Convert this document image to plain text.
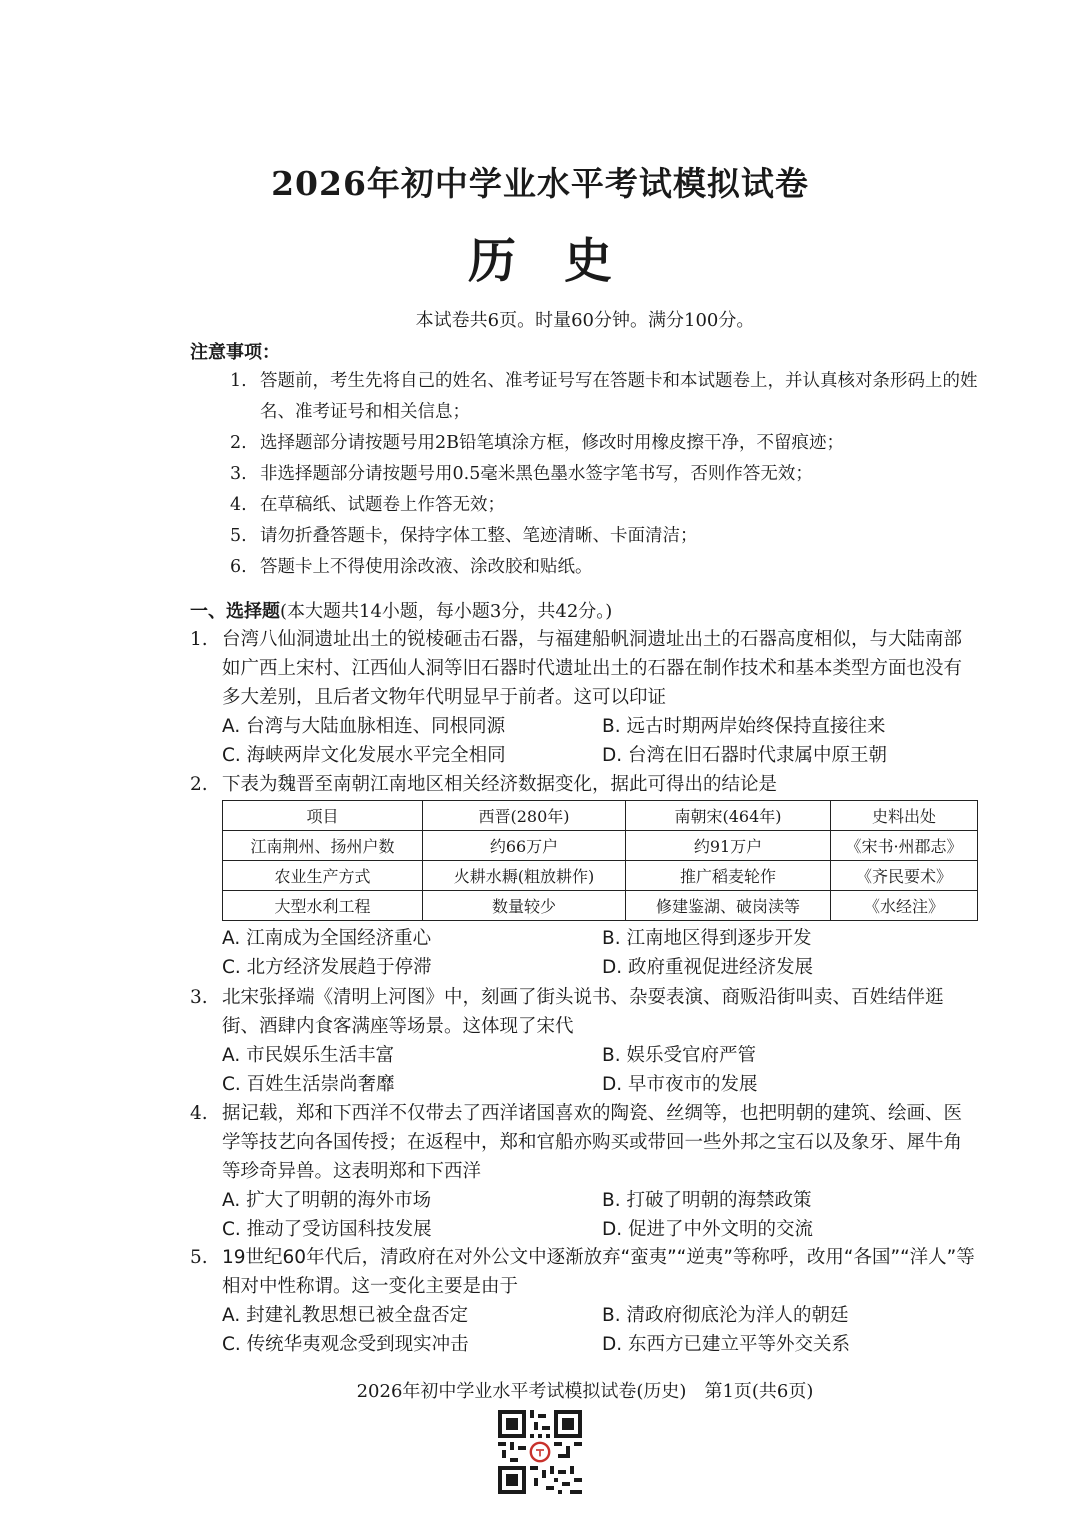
2026年初中学业水平考试模拟试卷
历史
本试卷共6页。时量60分钟。满分100分。
注意事项：
1. 答题前，考生先将自己的姓名、准考证号写在答题卡和本试题卷上，并认真核对条形码上的姓名、准考证号和相关信息；
2. 选择题部分请按题号用2B铅笔填涂方框，修改时用橡皮擦干净，不留痕迹；
3. 非选择题部分请按题号用0.5毫米黑色墨水签字笔书写，否则作答无效；
4. 在草稿纸、试题卷上作答无效；
5. 请勿折叠答题卡，保持字体工整、笔迹清晰、卡面清洁；
6. 答题卡上不得使用涂改液、涂改胶和贴纸。
一、选择题(本大题共14小题，每小题3分，共42分。)
1. 台湾八仙洞遗址出土的锐棱砸击石器，与福建船帆洞遗址出土的石器高度相似，与大陆南部如广西上宋村、江西仙人洞等旧石器时代遗址出土的石器在制作技术和基本类型方面也没有多大差别，且后者文物年代明显早于前者。这可以印证
A. 台湾与大陆血脉相连、同根同源	B. 远古时期两岸始终保持直接往来
C. 海峡两岸文化发展水平完全相同	D. 台湾在旧石器时代隶属中原王朝
2. 下表为魏晋至南朝江南地区相关经济数据变化，据此可得出的结论是
项目	西晋(280年)	南朝宋(464年)	史料出处
江南荆州、扬州户数	约66万户	约91万户	《宋书·州郡志》
农业生产方式	火耕水耨(粗放耕作)	推广稻麦轮作	《齐民要术》
大型水利工程	数量较少	修建鉴湖、破岗渎等	《水经注》
A. 江南成为全国经济重心	B. 江南地区得到逐步开发
C. 北方经济发展趋于停滞	D. 政府重视促进经济发展
3. 北宋张择端《清明上河图》中，刻画了街头说书、杂耍表演、商贩沿街叫卖、百姓结伴逛街、酒肆内食客满座等场景。这体现了宋代
A. 市民娱乐生活丰富	B. 娱乐受官府严管
C. 百姓生活崇尚奢靡	D. 早市夜市的发展
4. 据记载，郑和下西洋不仅带去了西洋诸国喜欢的陶瓷、丝绸等，也把明朝的建筑、绘画、医学等技艺向各国传授；在返程中，郑和官船亦购买或带回一些外邦之宝石以及象牙、犀牛角等珍奇异兽。这表明郑和下西洋
A. 扩大了明朝的海外市场	B. 打破了明朝的海禁政策
C. 推动了受访国科技发展	D. 促进了中外文明的交流
5. 19世纪60年代后，清政府在对外公文中逐渐放弃“蛮夷”“逆夷”等称呼，改用“各国”“洋人”等相对中性称谓。这一变化主要是由于
A. 封建礼教思想已被全盘否定	B. 清政府彻底沦为洋人的朝廷
C. 传统华夷观念受到现实冲击	D. 东西方已建立平等外交关系
2026年初中学业水平考试模拟试卷(历史)　第1页(共6页)
